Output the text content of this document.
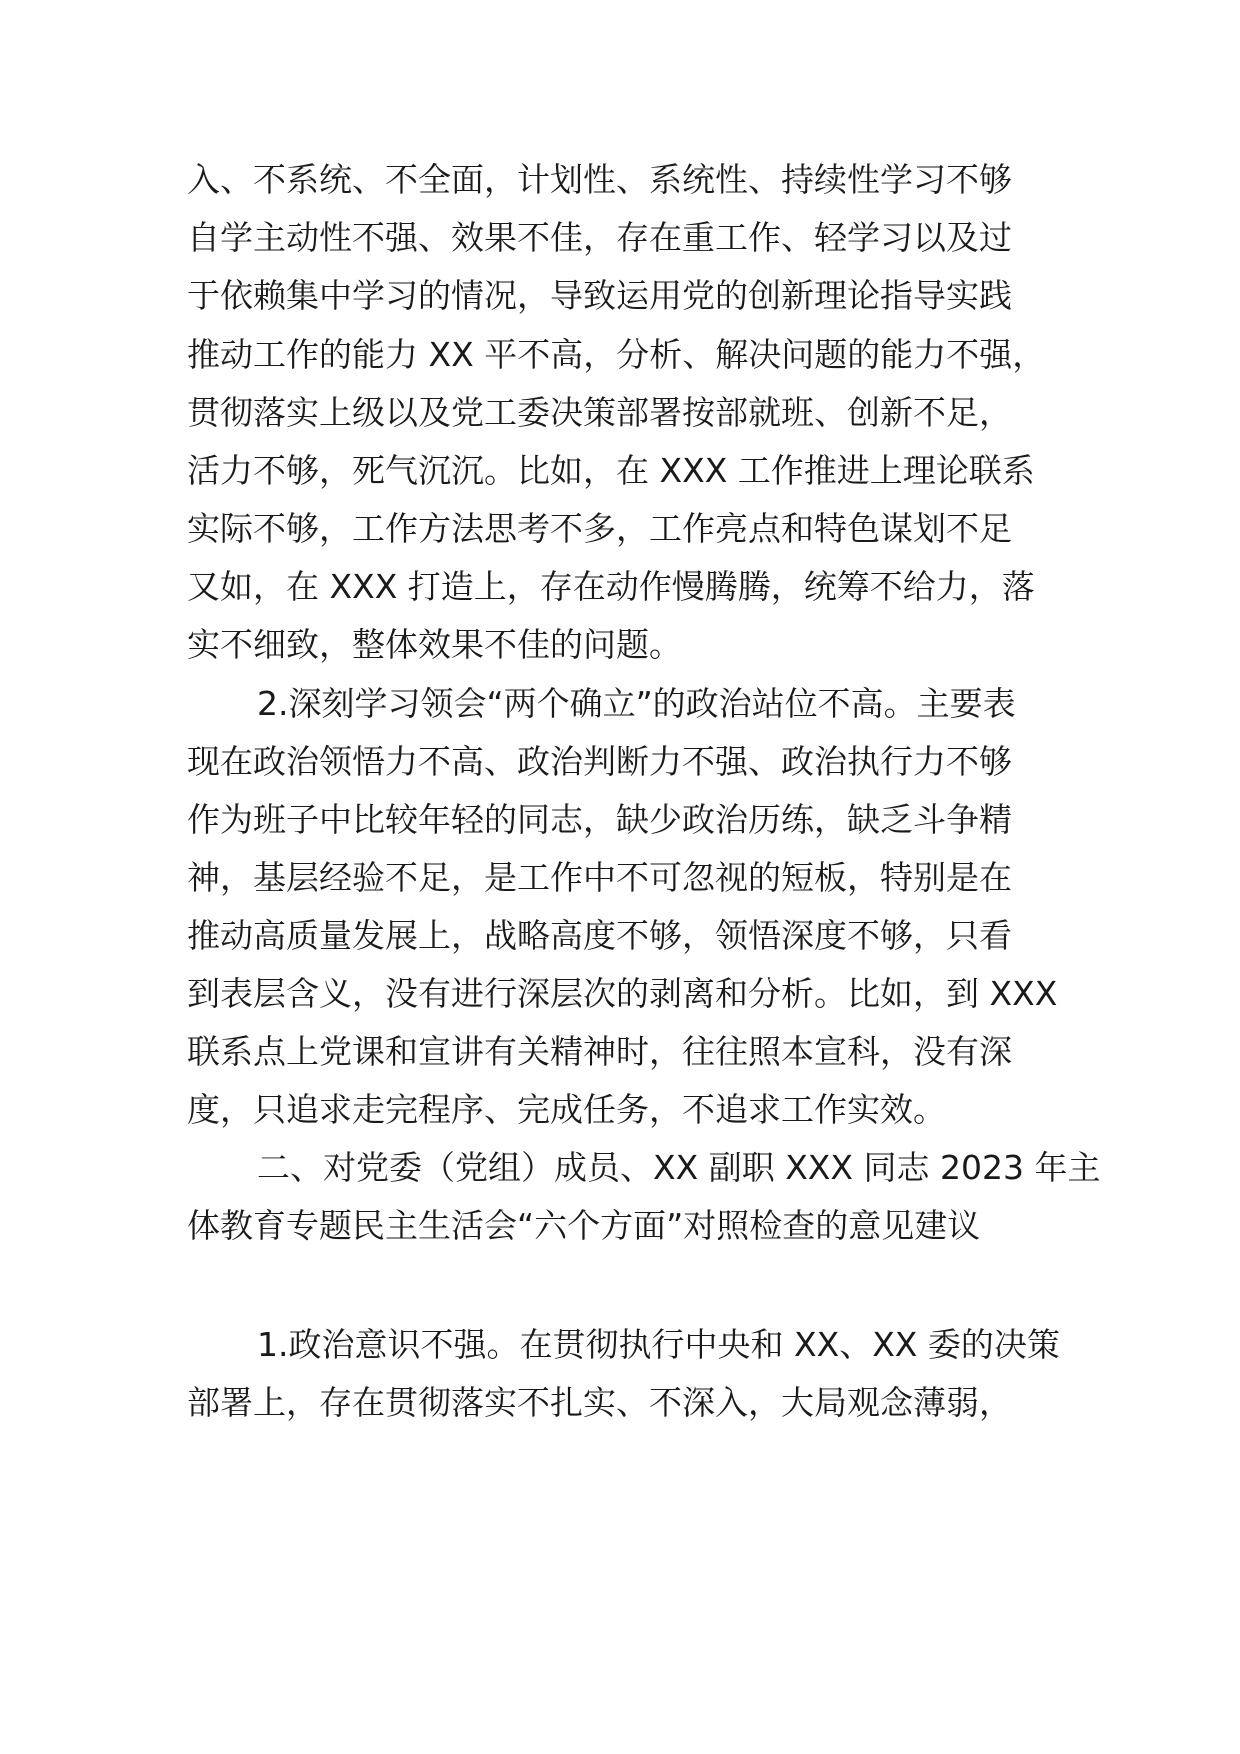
入、不系统、不全面，计划性、系统性、持续性学习不够
自学主动性不强、效果不佳，存在重工作、轻学习以及过
于依赖集中学习的情况，导致运用党的创新理论指导实践
推动工作的能力 XX 平不高，分析、解决问题的能力不强，
贯彻落实上级以及党工委决策部署按部就班、创新不足，
活力不够，死气沉沉。比如，在 XXX 工作推进上理论联系
实际不够，工作方法思考不多，工作亮点和特色谋划不足
又如，在 XXX 打造上，存在动作慢腾腾，统筹不给力，落
实不细致，整体效果不佳的问题。
2.深刻学习领会“两个确立”的政治站位不高。主要表
现在政治领悟力不高、政治判断力不强、政治执行力不够
作为班子中比较年轻的同志，缺少政治历练，缺乏斗争精
神，基层经验不足，是工作中不可忽视的短板，特别是在
推动高质量发展上，战略高度不够，领悟深度不够，只看
到表层含义，没有进行深层次的剥离和分析。比如，到 XXX
联系点上党课和宣讲有关精神时，往往照本宣科，没有深
度，只追求走完程序、完成任务，不追求工作实效。
二、对党委（党组）成员、XX 副职 XXX 同志 2023 年主
体教育专题民主生活会“六个方面”对照检查的意见建议
1.政治意识不强。在贯彻执行中央和 XX、XX 委的决策
部署上，存在贯彻落实不扎实、不深入，大局观念薄弱，
